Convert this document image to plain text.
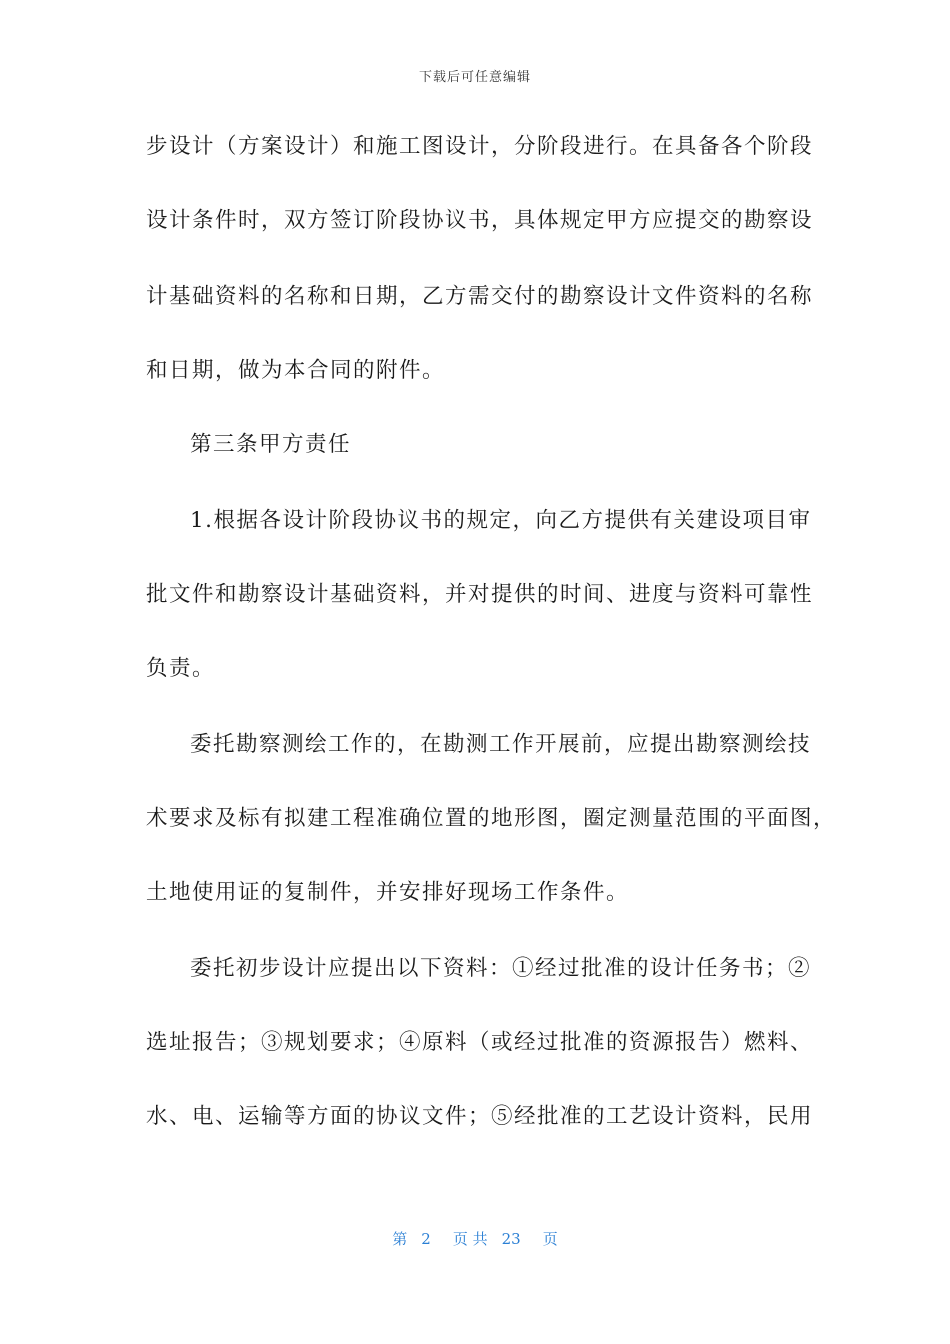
下载后可任意编辑
步设计（方案设计）和施工图设计，分阶段进行。在具备各个阶段
设计条件时，双方签订阶段协议书，具体规定甲方应提交的勘察设
计基础资料的名称和日期，乙方需交付的勘察设计文件资料的名称
和日期，做为本合同的附件。
第三条甲方责任
1.根据各设计阶段协议书的规定，向乙方提供有关建设项目审
批文件和勘察设计基础资料，并对提供的时间、进度与资料可靠性
负责。
委托勘察测绘工作的，在勘测工作开展前，应提出勘察测绘技
术要求及标有拟建工程准确位置的地形图，圈定测量范围的平面图，
土地使用证的复制件，并安排好现场工作条件。
委托初步设计应提出以下资料：①经过批准的设计任务书；②
选址报告；③规划要求；④原料（或经过批准的资源报告）燃料、
水、电、运输等方面的协议文件；⑤经批准的工艺设计资料，民用
第 2 页 共 23 页
